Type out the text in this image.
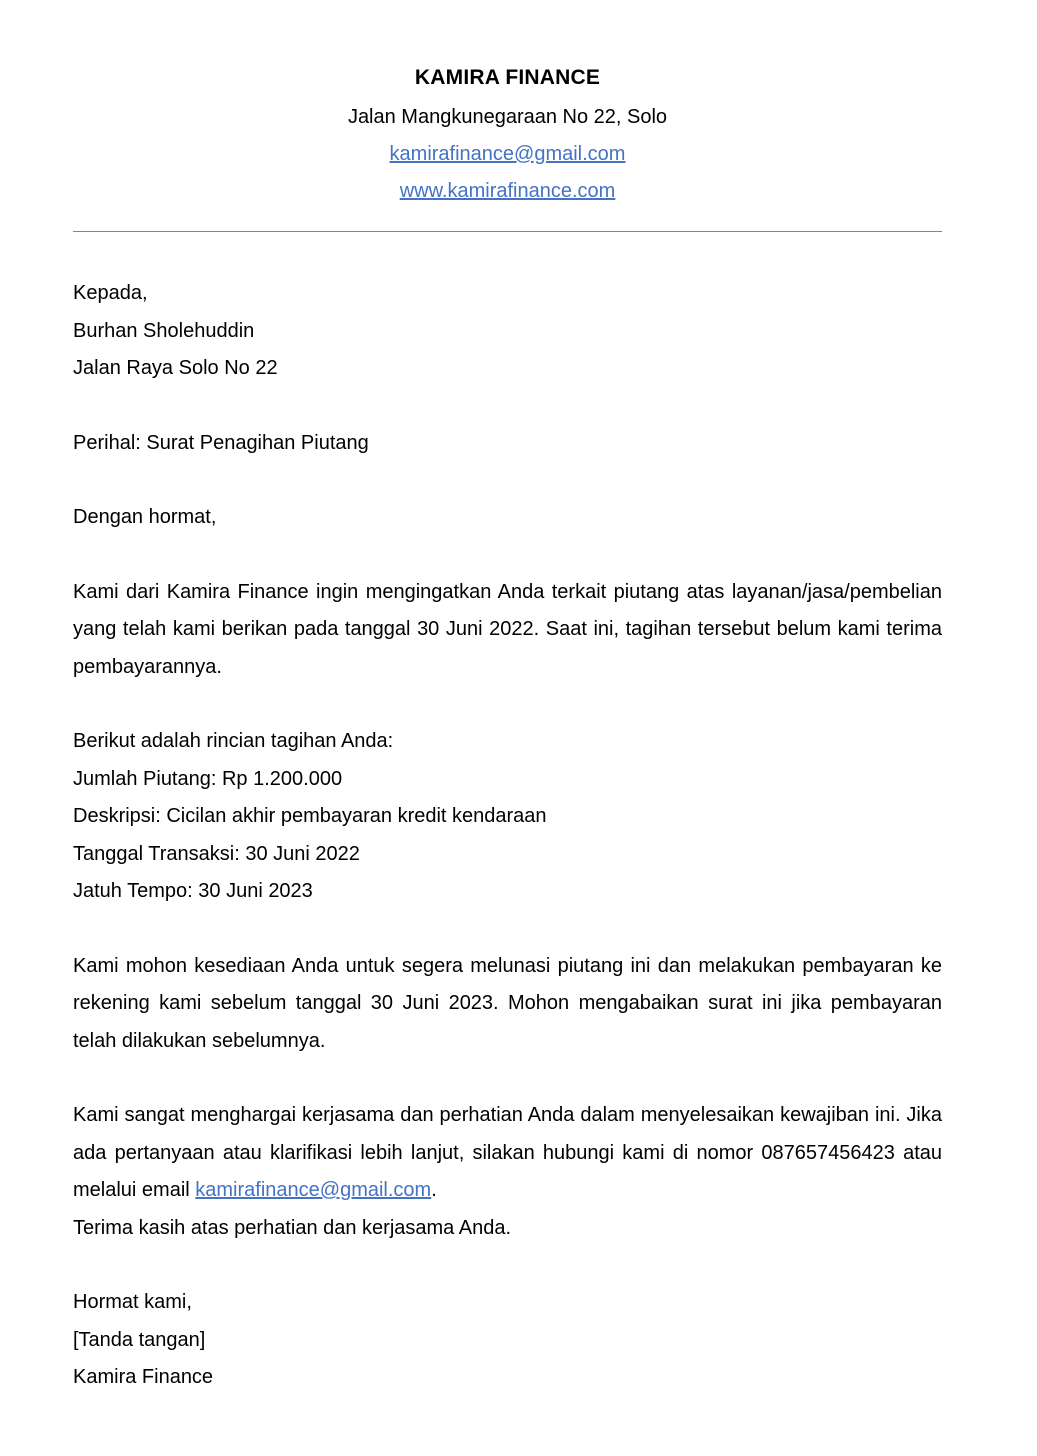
KAMIRA FINANCE
Jalan Mangkunegaraan No 22, Solo
kamirafinance@gmail.com
www.kamirafinance.com
Kepada,
Burhan Sholehuddin
Jalan Raya Solo No 22
Perihal: Surat Penagihan Piutang
Dengan hormat,
Kami dari Kamira Finance ingin mengingatkan Anda terkait piutang atas layanan/jasa/pembelian yang telah kami berikan pada tanggal 30 Juni 2022. Saat ini, tagihan tersebut belum kami terima pembayarannya.
Berikut adalah rincian tagihan Anda:
Jumlah Piutang: Rp 1.200.000
Deskripsi: Cicilan akhir pembayaran kredit kendaraan
Tanggal Transaksi: 30 Juni 2022
Jatuh Tempo: 30 Juni 2023
Kami mohon kesediaan Anda untuk segera melunasi piutang ini dan melakukan pembayaran ke rekening kami sebelum tanggal 30 Juni 2023. Mohon mengabaikan surat ini jika pembayaran telah dilakukan sebelumnya.
Kami sangat menghargai kerjasama dan perhatian Anda dalam menyelesaikan kewajiban ini. Jika ada pertanyaan atau klarifikasi lebih lanjut, silakan hubungi kami di nomor 087657456423 atau melalui email kamirafinance@gmail.com.
Terima kasih atas perhatian dan kerjasama Anda.
Hormat kami,
[Tanda tangan]
Kamira Finance
